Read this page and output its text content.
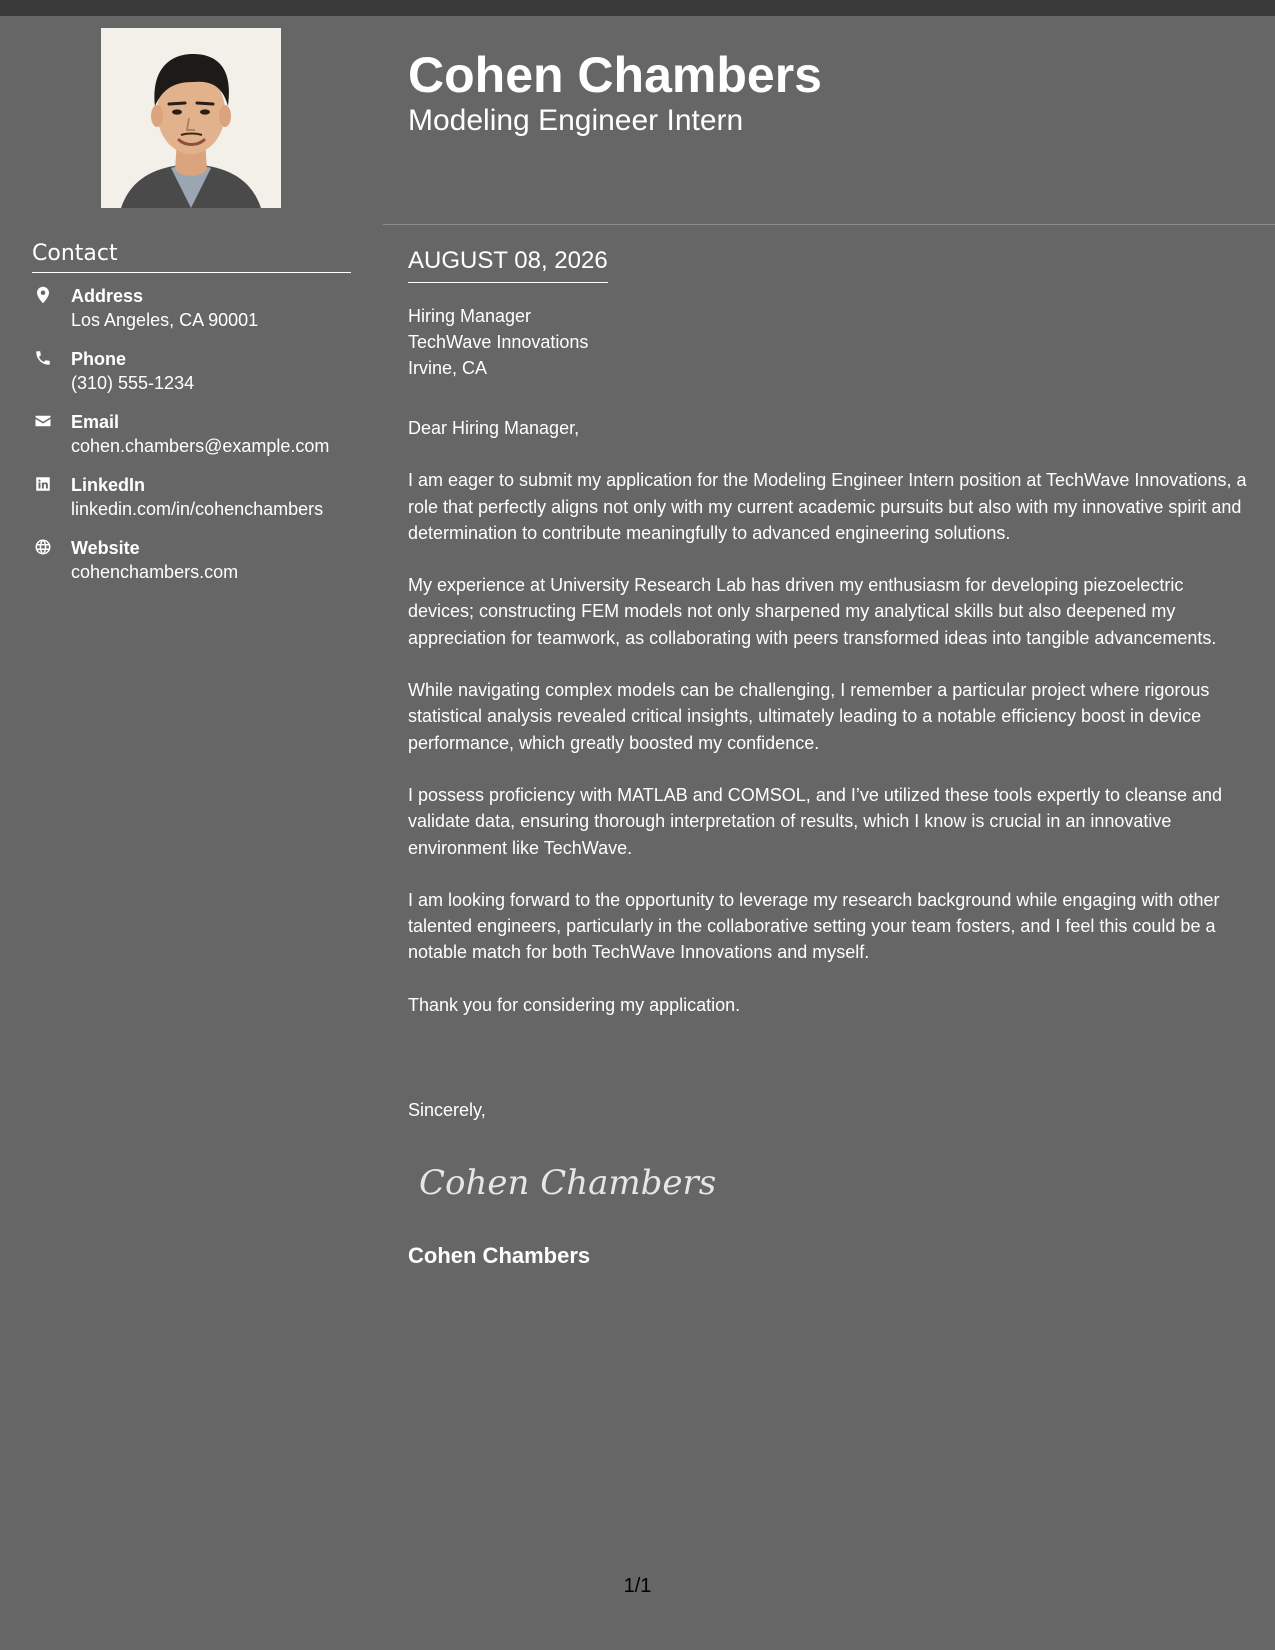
Contact
Address
Los Angeles, CA 90001
Phone
(310) 555-1234
Email
cohen.chambers@example.com
LinkedIn
linkedin.com/in/cohenchambers
Website
cohenchambers.com
Cohen Chambers
Modeling Engineer Intern
AUGUST 08, 2026
Hiring Manager
TechWave Innovations
Irvine, CA

Dear Hiring Manager,

I am eager to submit my application for the Modeling Engineer Intern position at TechWave Innovations, a role that perfectly aligns not only with my current academic pursuits but also with my innovative spirit and determination to contribute meaningfully to advanced engineering solutions.

My experience at University Research Lab has driven my enthusiasm for developing piezoelectric devices; constructing FEM models not only sharpened my analytical skills but also deepened my appreciation for teamwork, as collaborating with peers transformed ideas into tangible advancements.

While navigating complex models can be challenging, I remember a particular project where rigorous statistical analysis revealed critical insights, ultimately leading to a notable efficiency boost in device performance, which greatly boosted my confidence.

I possess proficiency with MATLAB and COMSOL, and I’ve utilized these tools expertly to cleanse and validate data, ensuring thorough interpretation of results, which I know is crucial in an innovative environment like TechWave.

I am looking forward to the opportunity to leverage my research background while engaging with other talented engineers, particularly in the collaborative setting your team fosters, and I feel this could be a notable match for both TechWave Innovations and myself.

Thank you for considering my application.

Sincerely,
Cohen Chambers
Cohen Chambers
1/1
